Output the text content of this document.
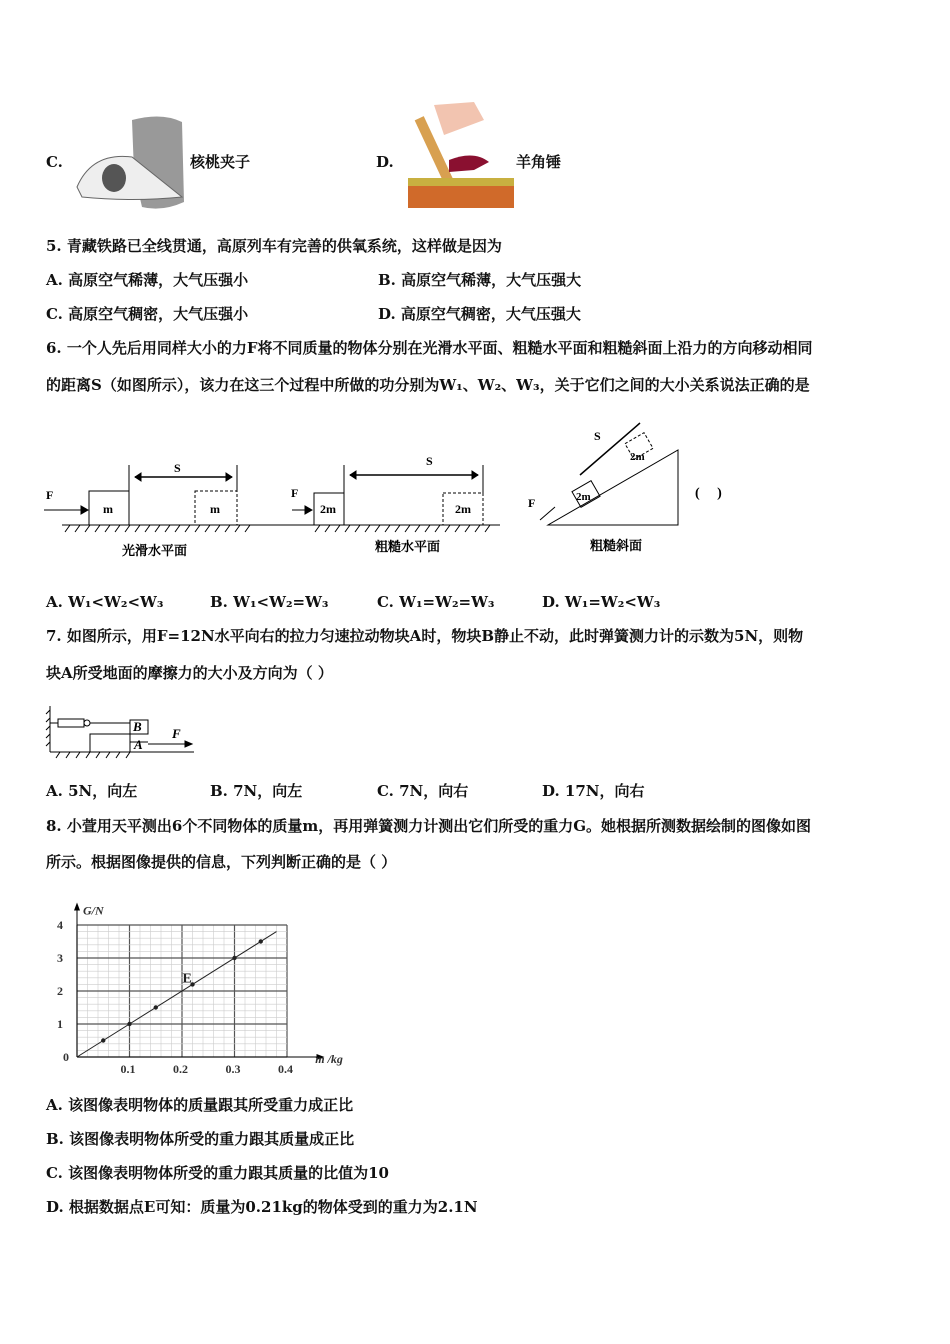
C.	核桃夹子	D.	羊角锤
5. 青藏铁路已全线贯通，高原列车有完善的供氧系统，这样做是因为
A. 高原空气稀薄，大气压强小	B. 高原空气稀薄，大气压强大
C. 高原空气稠密，大气压强小	D. 高原空气稠密，大气压强大
6. 一个人先后用同样大小的力F将不同质量的物体分别在光滑水平面、粗糙水平面和粗糙斜面上沿力的方向移动相同
的距离S（如图所示），该力在这三个过程中所做的功分别为W₁、W₂、W₃，关于它们之间的大小关系说法正确的是
F
S
m	m
F
S
2m	2m	F
S
2m
2m
光滑水平面	粗糙水平面	粗糙斜面
(　 )
A. W₁<W₂<W₃	B. W₁<W₂=W₃	C. W₁=W₂=W₃	D. W₁=W₂<W₃
7. 如图所示，用F=12N水平向右的拉力匀速拉动物块A时，物块B静止不动，此时弹簧测力计的示数为5N，则物
块A所受地面的摩擦力的大小及方向为（ ）
B
A
F
A. 5N，向左	B. 7N，向左	C. 7N，向右	D. 17N，向右
8. 小萱用天平测出6个不同物体的质量m，再用弹簧测力计测出它们所受的重力G。她根据所测数据绘制的图像如图
所示。根据图像提供的信息，下列判断正确的是（ ）
0.1	0.2	0.3	0.4
1
2
3
4
0	m /kg
G/N
E
A. 该图像表明物体的质量跟其所受重力成正比
B. 该图像表明物体所受的重力跟其质量成正比
C. 该图像表明物体所受的重力跟其质量的比值为10
D. 根据数据点E可知：质量为0.21kg的物体受到的重力为2.1N
